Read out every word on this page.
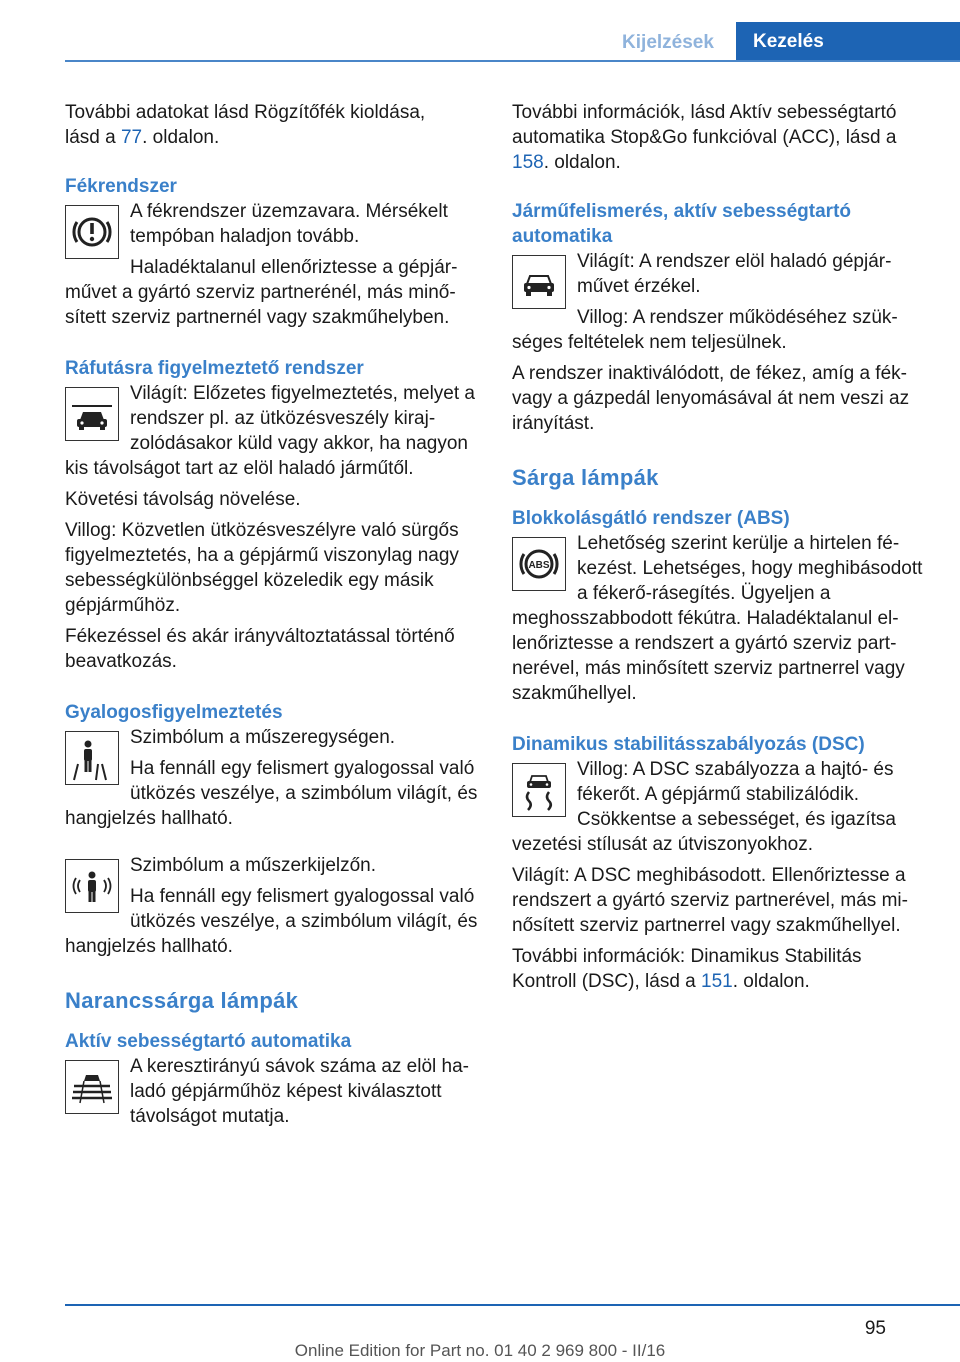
Kijelzések	Kezelés

További adatokat lásd Rögzítőfék kioldása,
lásd a 77. oldalon.

Fékrendszer

A fékrendszer üzemzavara. Mérsékelt tempóban haladjon tovább.

Haladéktalanul ellenőriztesse a gépjárművet a gyártó szerviz partnerénél, más minősített szerviz partnernél vagy szakműhelyben.

Ráfutásra figyelmeztető rendszer

Világít: Előzetes figyelmeztetés, melyet a rendszer pl. az ütközésveszély kirajzolódásakor küld vagy akkor, ha nagyon kis távolságot tart az elöl haladó járműtől.

Követési távolság növelése.

Villog: Közvetlen ütközésveszélyre való sürgős figyelmeztetés, ha a gépjármű viszonylag nagy sebességkülönbséggel közeledik egy másik gépjárműhöz.

Fékezéssel és akár irányváltoztatással történő beavatkozás.

Gyalogosfigyelmeztetés

Szimbólum a műszeregységen.

Ha fennáll egy felismert gyalogossal való ütközés veszélye, a szimbólum világít, és hangjelzés hallható.

Szimbólum a műszerkijelzőn.

Ha fennáll egy felismert gyalogossal való ütközés veszélye, a szimbólum világít, és hangjelzés hallható.

Narancssárga lámpák
Aktív sebességtartó automatika

A keresztirányú sávok száma az elöl haladó gépjárműhöz képest kiválasztott távolságot mutatja.

További információk, lásd Aktív sebességtartó automatika Stop&Go funkcióval (ACC), lásd a 158. oldalon.

Járműfelismerés, aktív sebességtartó automatika

Világít: A rendszer elöl haladó gépjárművet érzékel.

Villog: A rendszer működéséhez szükséges feltételek nem teljesülnek.

A rendszer inaktiválódott, de fékez, amíg a fék- vagy a gázpedál lenyomásával át nem veszi az irányítást.

Sárga lámpák
Blokkolásgátló rendszer (ABS)
ABS

Lehetőség szerint kerülje a hirtelen fékezést. Lehetséges, hogy meghibásodott a fékerő-rásegítés. Ügyeljen a meghosszabbodott fékútra. Haladéktalanul ellenőriztesse a rendszert a gyártó szerviz partnerével, más minősített szerviz partnerrel vagy szakműhellyel.

Dinamikus stabilitásszabályozás (DSC)

Villog: A DSC szabályozza a hajtó- és fékerőt. A gépjármű stabilizálódik. Csökkentse a sebességet, és igazítsa vezetési stílusát az útviszonyokhoz.

Világít: A DSC meghibásodott. Ellenőriztesse a rendszert a gyártó szerviz partnerével, más minősített szerviz partnerrel vagy szakműhellyel.

További információk: Dinamikus Stabilitás Kontroll (DSC), lásd a 151. oldalon.

95
Online Edition for Part no. 01 40 2 969 800 - II/16
